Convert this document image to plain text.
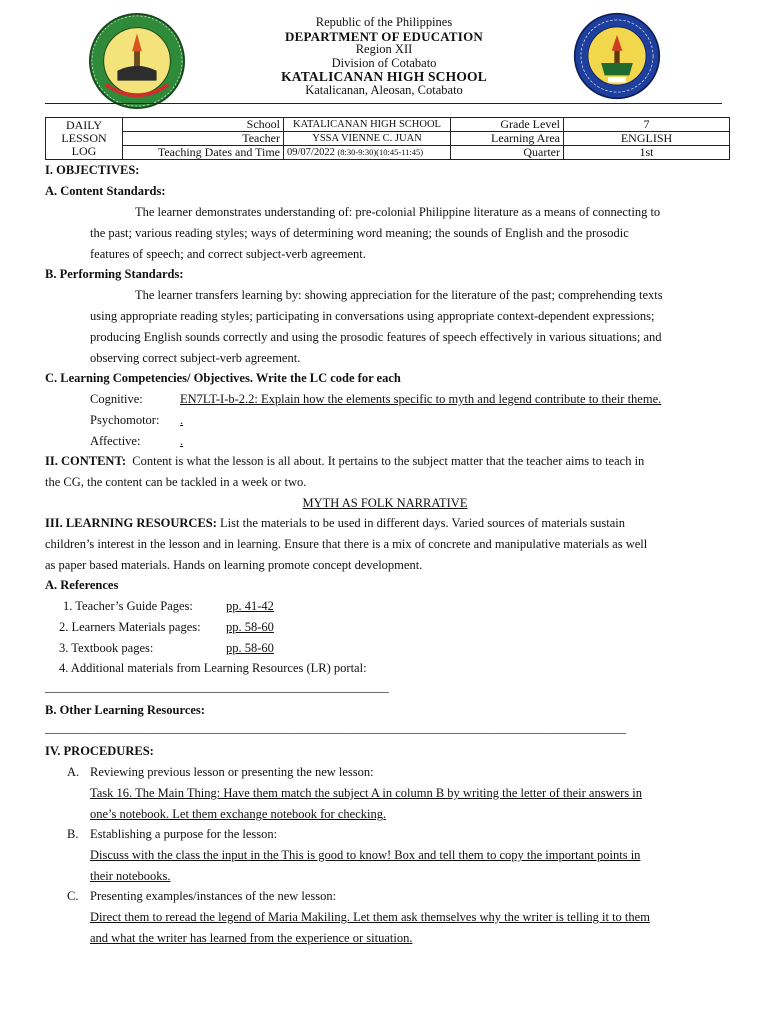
Republic of the Philippines
DEPARTMENT OF EDUCATION
Region XII
Division of Cotabato
KATALICANAN HIGH SCHOOL
Katalicanan, Aleosan, Cotabato
DAILY
LESSON
LOG	School	KATALICANAN HIGH SCHOOL	Grade Level	7
	Teacher	YSSA VIENNE C. JUAN	Learning Area	ENGLISH
	Teaching Dates and Time	09/07/2022 (8:30-9:30)(10:45-11:45)	Quarter	1st
I. OBJECTIVES:
A. Content Standards:
The learner demonstrates understanding of: pre-colonial Philippine literature as a means of connecting to
the past; various reading styles; ways of determining word meaning; the sounds of English and the prosodic
features of speech; and correct subject-verb agreement.
B. Performing Standards:
The learner transfers learning by: showing appreciation for the literature of the past; comprehending texts
using appropriate reading styles; participating in conversations using appropriate context-dependent expressions;
producing English sounds correctly and using the prosodic features of speech effectively in various situations; and
observing correct subject-verb agreement.
C. Learning Competencies/ Objectives. Write the LC code for each
Cognitive:	EN7LT-I-b-2.2: Explain how the elements specific to myth and legend contribute to their theme.
Psychomotor: .
Affective:	.
II. CONTENT: Content is what the lesson is all about. It pertains to the subject matter that the teacher aims to teach in
the CG, the content can be tackled in a week or two.
MYTH AS FOLK NARRATIVE
III. LEARNING RESOURCES: List the materials to be used in different days. Varied sources of materials sustain
children’s interest in the lesson and in learning. Ensure that there is a mix of concrete and manipulative materials as well
as paper based materials. Hands on learning promote concept development.
A. References
1. Teacher’s Guide Pages:	pp. 41-42
2. Learners Materials pages: pp. 58-60
3. Textbook pages:	pp. 58-60
4. Additional materials from Learning Resources (LR) portal:
_______________________________________________________
B. Other Learning Resources:
_____________________________________________________________________________________________
IV. PROCEDURES:
A. Reviewing previous lesson or presenting the new lesson:
Task 16. The Main Thing: Have them match the subject A in column B by writing the letter of their answers in
one’s notebook. Let them exchange notebook for checking.
B. Establishing a purpose for the lesson:
Discuss with the class the input in the This is good to know! Box and tell them to copy the important points in
their notebooks.
C. Presenting examples/instances of the new lesson:
Direct them to reread the legend of Maria Makiling. Let them ask themselves why the writer is telling it to them
and what the writer has learned from the experience or situation.
